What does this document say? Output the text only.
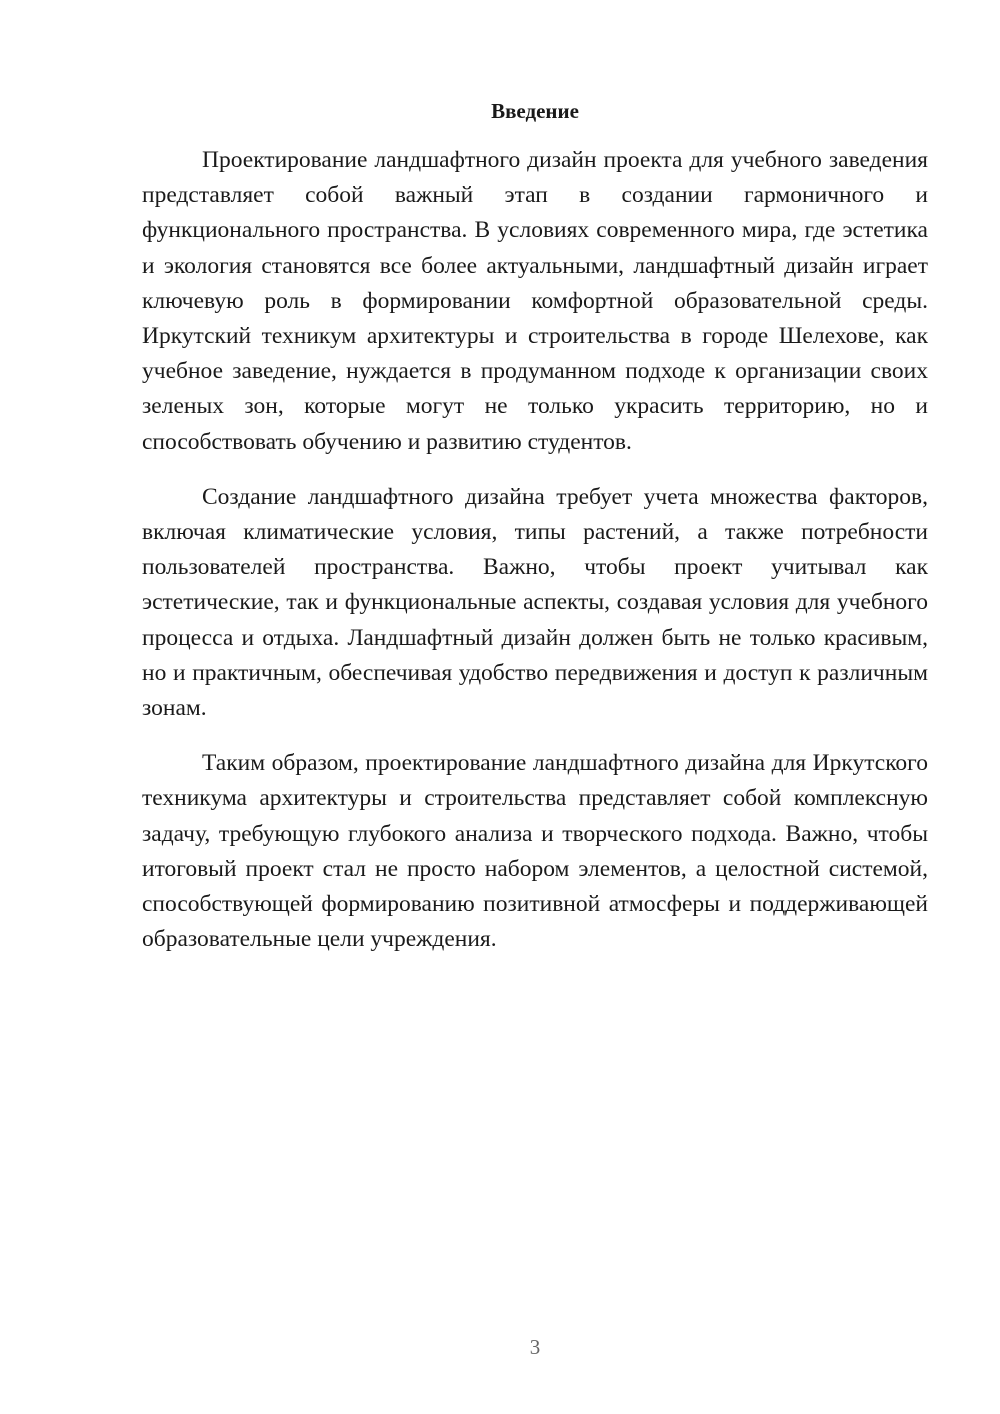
Введение

Проектирование ландшафтного дизайн проекта для учебного заведения представляет собой важный этап в создании гармоничного и функционального пространства. В условиях современного мира, где эстетика и экология становятся все более актуальными, ландшафтный дизайн играет ключевую роль в формировании комфортной образовательной среды. Иркутский техникум архитектуры и строительства в городе Шелехове, как учебное заведение, нуждается в продуманном подходе к организации своих зеленых зон, которые могут не только украсить территорию, но и способствовать обучению и развитию студентов.

Создание ландшафтного дизайна требует учета множества факторов, включая климатические условия, типы растений, а также потребности пользователей пространства. Важно, чтобы проект учитывал как эстетические, так и функциональные аспекты, создавая условия для учебного процесса и отдыха. Ландшафтный дизайн должен быть не только красивым, но и практичным, обеспечивая удобство передвижения и доступ к различным зонам.

Таким образом, проектирование ландшафтного дизайна для Иркутского техникума архитектуры и строительства представляет собой комплексную задачу, требующую глубокого анализа и творческого подхода. Важно, чтобы итоговый проект стал не просто набором элементов, а целостной системой, способствующей формированию позитивной атмосферы и поддерживающей образовательные цели учреждения.

3
